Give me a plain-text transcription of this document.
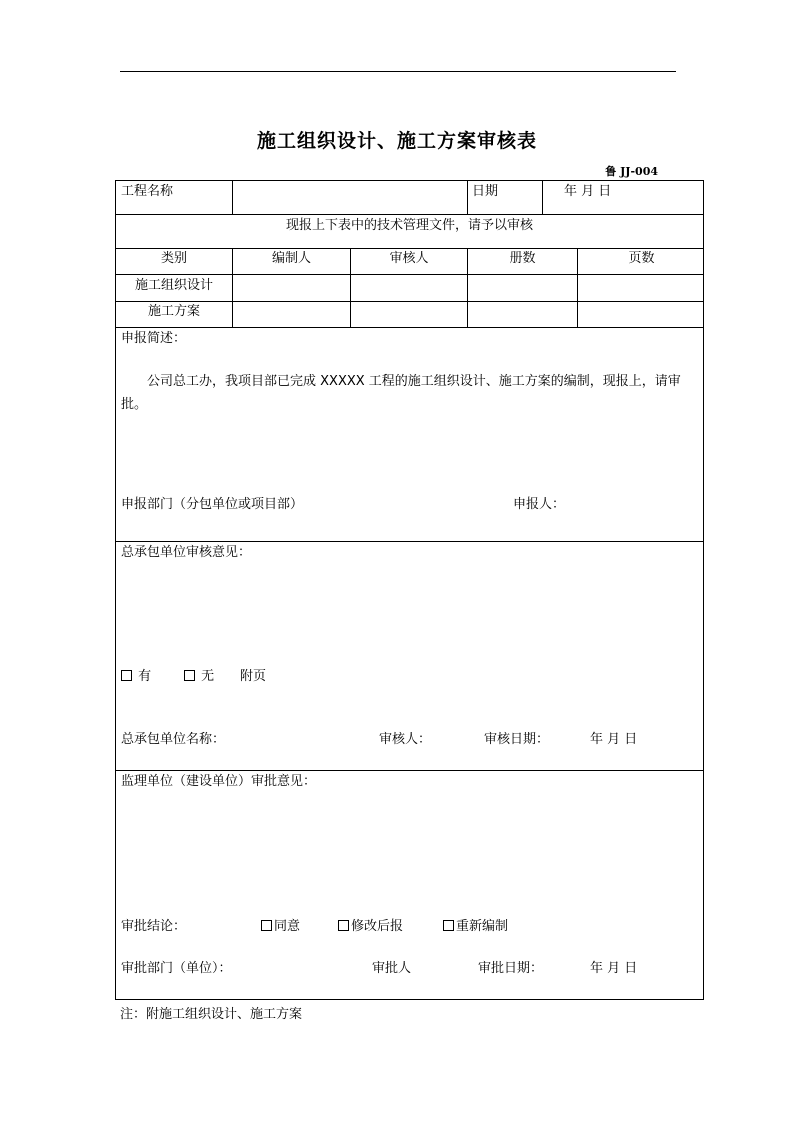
施工组织设计、施工方案审核表
鲁 JJ-004
工程名称	日期	年 月 日
现报上下表中的技术管理文件，请予以审核
类别	编制人	审核人	册数	页数
施工组织设计
施工方案
申报简述：
公司总工办，我项目部已完成 XXXXX 工程的施工组织设计、施工方案的编制，现报上，请审批。
申报部门（分包单位或项目部）	申报人：
总承包单位审核意见：
有	无 附页
总承包单位名称：	审核人：	审核日期：	年 月 日
监理单位（建设单位）审批意见：
审批结论：	同意	修改后报	重新编制
审批部门（单位）：	审批人	审批日期：	年 月 日
注：附施工组织设计、施工方案
